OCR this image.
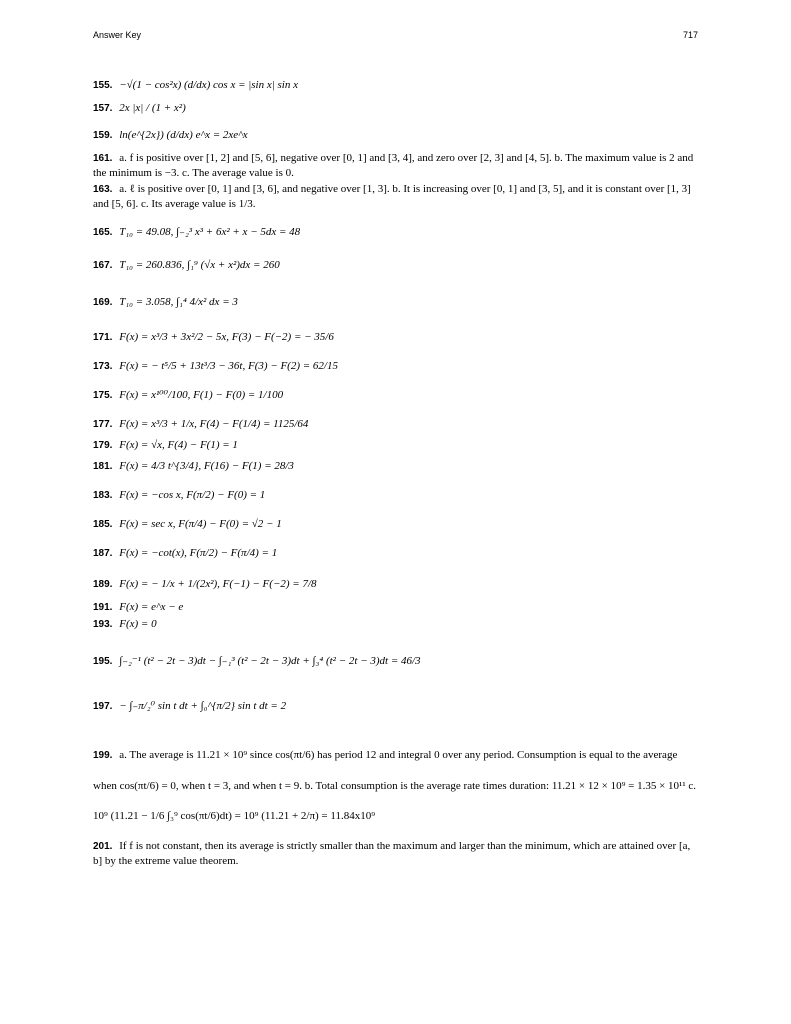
Answer Key	717
155. −√(1 − cos²x) (d/dx) cos x = |sin x| sin x
157. 2x |x| / (1 + x²)
159. ln(e^{2x}) (d/dx) e^x = 2xe^x
161. a. f is positive over [1, 2] and [5, 6], negative over [0, 1] and [3, 4], and zero over [2, 3] and [4, 5]. b. The maximum value is 2 and the minimum is −3. c. The average value is 0.
163. a. ℓ is positive over [0, 1] and [3, 6], and negative over [1, 3]. b. It is increasing over [0, 1] and [3, 5], and it is constant over [1, 3] and [5, 6]. c. Its average value is 1/3.
165. T₁₀ = 49.08, ∫₋₂³ x³ + 6x² + x − 5dx = 48
167. T₁₀ = 260.836, ∫₁⁹ (√x + x²)dx = 260
169. T₁₀ = 3.058, ∫₁⁴ 4/x² dx = 3
171. F(x) = x³/3 + 3x²/2 − 5x, F(3) − F(−2) = − 35/6
173. F(x) = − t⁵/5 + 13t³/3 − 36t, F(3) − F(2) = 62/15
175. F(x) = x¹⁰⁰/100, F(1) − F(0) = 1/100
177. F(x) = x³/3 + 1/x, F(4) − F(1/4) = 1125/64
179. F(x) = √x, F(4) − F(1) = 1
181. F(x) = 4/3 t^{3/4}, F(16) − F(1) = 28/3
183. F(x) = −cos x, F(π/2) − F(0) = 1
185. F(x) = sec x, F(π/4) − F(0) = √2 − 1
187. F(x) = −cot(x), F(π/2) − F(π/4) = 1
189. F(x) = − 1/x + 1/(2x²), F(−1) − F(−2) = 7/8
191. F(x) = e^x − e
193. F(x) = 0
195. ∫₋₂⁻¹ (t² − 2t − 3)dt − ∫₋₁³ (t² − 2t − 3)dt + ∫₃⁴ (t² − 2t − 3)dt = 46/3
197. − ∫₋π/₂⁰ sin t dt + ∫₀^{π/2} sin t dt = 2
199. a. The average is 11.21 × 10⁹ since cos(πt/6) has period 12 and integral 0 over any period. Consumption is equal to the average when cos(πt/6) = 0, when t = 3, and when t = 9. b. Total consumption is the average rate times duration: 11.21 × 12 × 10⁹ = 1.35 × 10¹¹ c. 10⁹ (11.21 − 1/6 ∫₃⁹ cos(πt/6)dt) = 10⁹ (11.21 + 2/π) = 11.84x10⁹
201. If f is not constant, then its average is strictly smaller than the maximum and larger than the minimum, which are attained over [a, b] by the extreme value theorem.
